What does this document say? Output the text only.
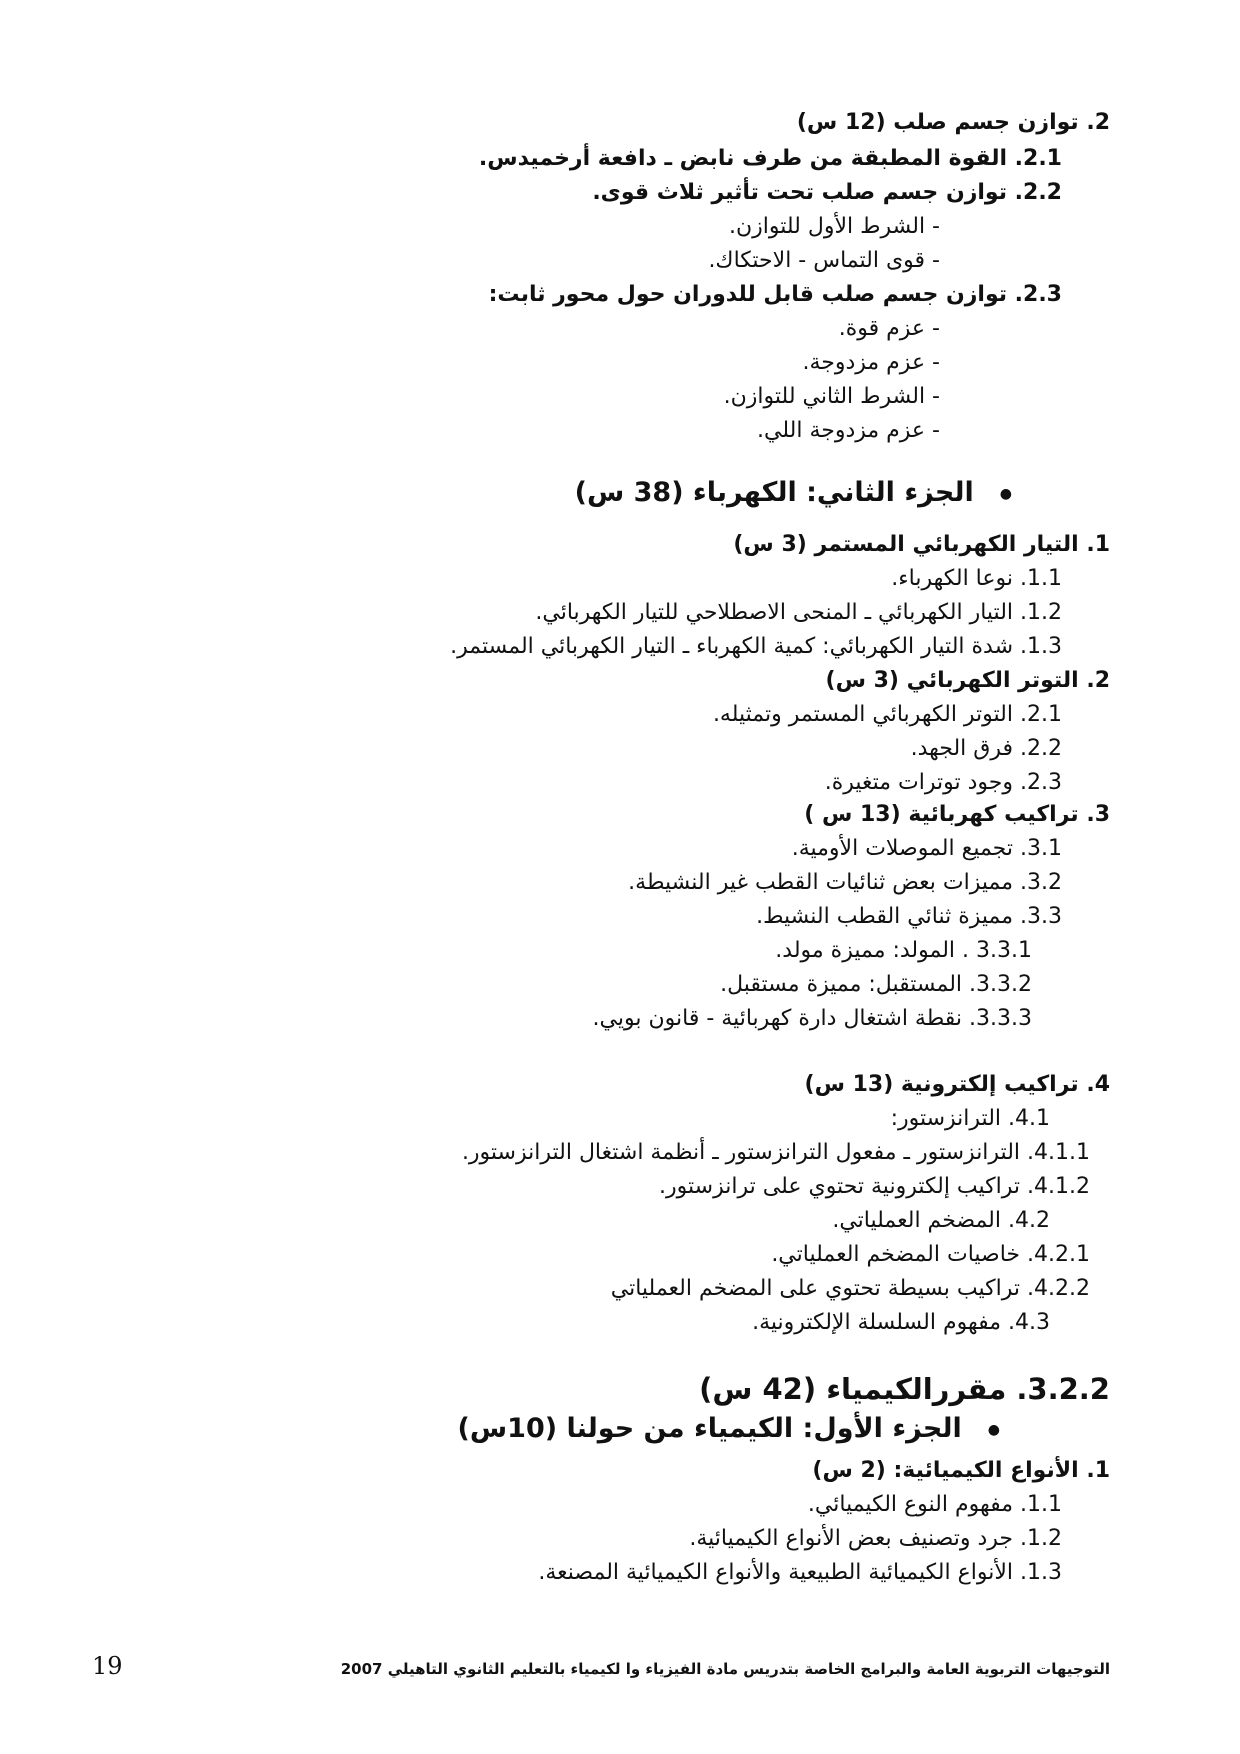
التوجيهات التربوية العامة والبرامج الخاصة بتدريس مادة الفيزياء وا لكيمياء بالتعليم الثانوي التاهيلي 2007
19
2. توازن جسم صلب (12 س)
2.1. القوة المطبقة من طرف نابض ـ دافعة أرخميدس.
2.2. توازن جسم صلب تحت تأثير ثلاث قوى.
- الشرط الأول للتوازن.
- قوى التماس - الاحتكاك.
2.3. توازن جسم صلب قابل للدوران حول محور ثابت:
- عزم قوة.
- عزم مزدوجة.
- الشرط الثاني للتوازن.
- عزم مزدوجة اللي.
● الجزء الثاني: الكهرباء (38 س)
1. التيار الكهربائي المستمر (3 س)
1.1. نوعا الكهرباء.
1.2. التيار الكهربائي ـ المنحى الاصطلاحي للتيار الكهربائي.
1.3. شدة التيار الكهربائي: كمية الكهرباء ـ التيار الكهربائي المستمر.
2. التوتر الكهربائي (3 س)
2.1. التوتر الكهربائي المستمر وتمثيله.
2.2. فرق الجهد.
2.3. وجود توترات متغيرة.
3. تراكيب كهربائية (13 س )
3.1. تجميع الموصلات الأومية.
3.2. مميزات بعض ثنائيات القطب غير النشيطة.
3.3. مميزة ثنائي القطب النشيط.
3.3.1 . المولد: مميزة مولد.
3.3.2. المستقبل: مميزة مستقبل.
3.3.3. نقطة اشتغال دارة كهربائية - قانون بويي.
4. تراكيب إلكترونية (13 س)
4.1. الترانزستور:
4.1.1. الترانزستور ـ مفعول الترانزستور ـ أنظمة اشتغال الترانزستور.
4.1.2. تراكيب إلكترونية تحتوي على ترانزستور.
4.2. المضخم العملياتي.
4.2.1. خاصيات المضخم العملياتي.
4.2.2. تراكيب بسيطة تحتوي على المضخم العملياتي
4.3. مفهوم السلسلة الإلكترونية.
3.2.2. مقررالكيمياء (42 س)
● الجزء الأول: الكيمياء من حولنا (10س)
1. الأنواع الكيميائية: (2 س)
1.1. مفهوم النوع الكيميائي.
1.2. جرد وتصنيف بعض الأنواع الكيميائية.
1.3. الأنواع الكيميائية الطبيعية والأنواع الكيميائية المصنعة.
